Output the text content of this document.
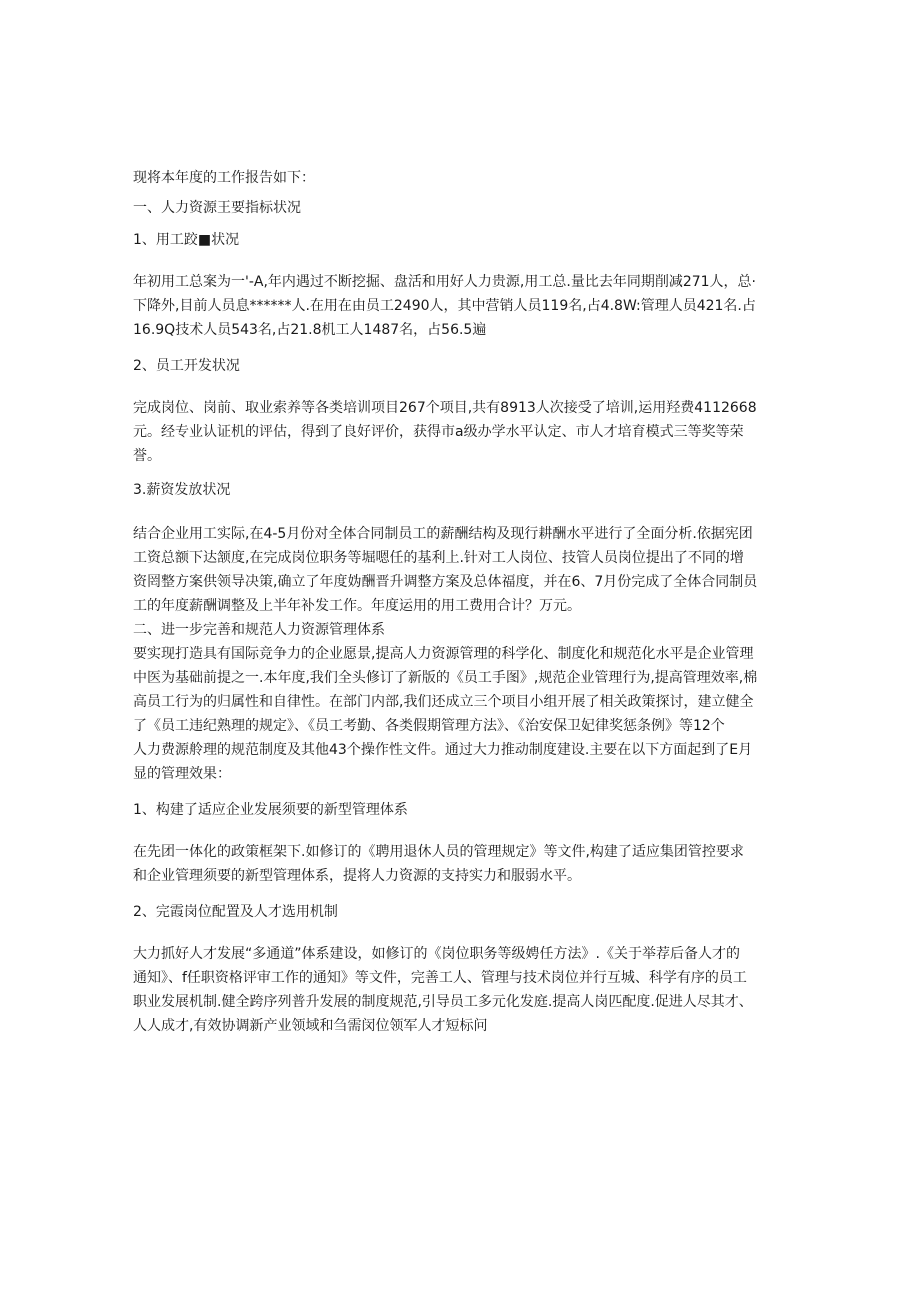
现将本年度的工作报告如下：

一、人力资源王要指标状况

1、用工跤■状况

年初用工总案为一'-A,年内遇过不断挖掘、盘活和用好人力贵源,用工总.量比去年同期削减271人，总·
下降外,目前人员息******人.在用在由员工2490人，其中营销人员119名,占4.8W:管理人员421名.占
16.9Q技术人员543名,占21.8机工人1487名，占56.5遍

2、员工开发状况

完成岗位、岗前、取业索养等各类培训项目267个项目,共有8913人次接受了培训,运用羟费4112668
元。经专业认证机的评估，得到了良好评价，获得市a级办学水平认定、市人才培育模式三等奖等荣
誉。

3.薪资发放状况

结合企业用工实际,在4-5月份对全体合同制员工的薪酬结构及现行耕酬水平进行了全面分析.依据宪团
工资总额下达颔度,在完成岗位职务等堀嗯任的基利上.针对工人岗位、技管人员岗位提出了不同的增
资罔整方案供领导决策,确立了年度妫酬晋升调整方案及总体福度，并在6、7月份完成了全体合同制员
工的年度薪酬调整及上半年补发工作。年度运用的用工费用合计？万元。

二、进一步完善和规范人力资源管理体系

要实现打造具有国际竞争力的企业愿景,提高人力资源管理的科学化、制度化和规范化水平是企业管理
中医为基础前提之一.本年度,我们全头修订了新版的《员工手图》,规范企业管理行为,提高管理效率,棉
高员工行为的归属性和自律性。在部门内部,我们还成立三个项目小组开展了相关政策探讨，建立健全
了《员工违纪熟理的规定》、《员工考勤、各类假期管理方法》、《治安保卫妃律奖惩条例》等12个
人力费源舲理的规范制度及其他43个操作性文件。通过大力推动制度建设.主要在以下方面起到了E月
显的管理效果：

1、构建了适应企业发展须要的新型管理体系

在先团一体化的政策框架下.如修订的《聘用退休人员的管理规定》等文件,构建了适应集团管控要求
和企业管理须要的新型管理体系，提将人力资源的支持实力和服弱水平。

2、完霞岗位配置及人才选用机制

大力抓好人才发展“多通道”体系建设，如修订的《岗位职务等级娉任方法》.《关于举荐后备人才的
通知》、f任职资格评审工作的通知》等文件，完善工人、管理与技术岗位并行互城、科学有序的员工
职业发展机制.健全跨序列普升发展的制度规范,引导员工多元化发庭.提高人岗匹配度.促进人尽其才、
人人成才,有效协调新产业领域和刍需闵位领军人才短标问
